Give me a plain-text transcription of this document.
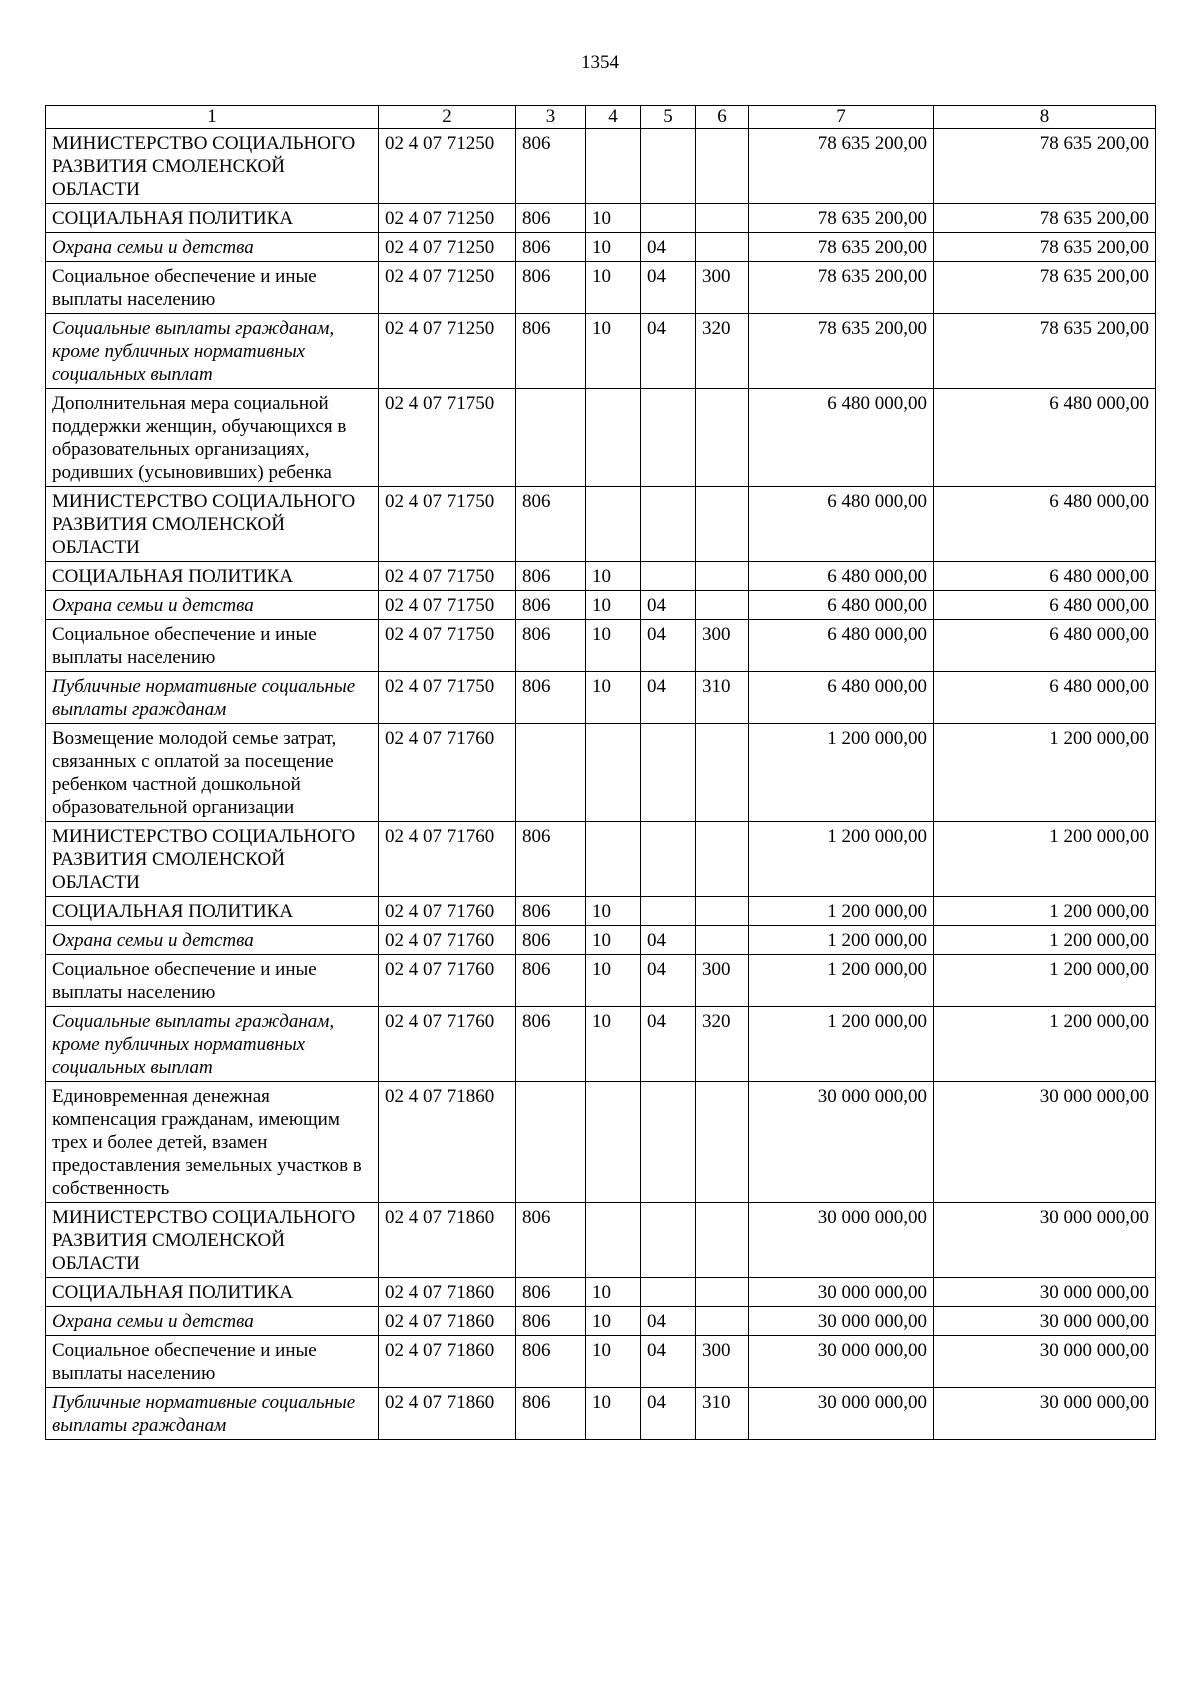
1354
1	2	3	4	5	6	7	8
МИНИСТЕРСТВО СОЦИАЛЬНОГО РАЗВИТИЯ СМОЛЕНСКОЙ ОБЛАСТИ	02 4 07 71250	806				78 635 200,00	78 635 200,00
СОЦИАЛЬНАЯ ПОЛИТИКА	02 4 07 71250	806	10			78 635 200,00	78 635 200,00
Охрана семьи и детства	02 4 07 71250	806	10	04		78 635 200,00	78 635 200,00
Социальное обеспечение и иные выплаты населению	02 4 07 71250	806	10	04	300	78 635 200,00	78 635 200,00
Социальные выплаты гражданам, кроме публичных нормативных социальных выплат	02 4 07 71250	806	10	04	320	78 635 200,00	78 635 200,00
Дополнительная мера социальной поддержки женщин, обучающихся в образовательных организациях, родивших (усыновивших) ребенка	02 4 07 71750					6 480 000,00	6 480 000,00
МИНИСТЕРСТВО СОЦИАЛЬНОГО РАЗВИТИЯ СМОЛЕНСКОЙ ОБЛАСТИ	02 4 07 71750	806				6 480 000,00	6 480 000,00
СОЦИАЛЬНАЯ ПОЛИТИКА	02 4 07 71750	806	10			6 480 000,00	6 480 000,00
Охрана семьи и детства	02 4 07 71750	806	10	04		6 480 000,00	6 480 000,00
Социальное обеспечение и иные выплаты населению	02 4 07 71750	806	10	04	300	6 480 000,00	6 480 000,00
Публичные нормативные социальные выплаты гражданам	02 4 07 71750	806	10	04	310	6 480 000,00	6 480 000,00
Возмещение молодой семье затрат, связанных с оплатой за посещение ребенком частной дошкольной образовательной организации	02 4 07 71760					1 200 000,00	1 200 000,00
МИНИСТЕРСТВО СОЦИАЛЬНОГО РАЗВИТИЯ СМОЛЕНСКОЙ ОБЛАСТИ	02 4 07 71760	806				1 200 000,00	1 200 000,00
СОЦИАЛЬНАЯ ПОЛИТИКА	02 4 07 71760	806	10			1 200 000,00	1 200 000,00
Охрана семьи и детства	02 4 07 71760	806	10	04		1 200 000,00	1 200 000,00
Социальное обеспечение и иные выплаты населению	02 4 07 71760	806	10	04	300	1 200 000,00	1 200 000,00
Социальные выплаты гражданам, кроме публичных нормативных социальных выплат	02 4 07 71760	806	10	04	320	1 200 000,00	1 200 000,00
Единовременная денежная компенсация гражданам, имеющим трех и более детей, взамен предоставления земельных участков в собственность	02 4 07 71860					30 000 000,00	30 000 000,00
МИНИСТЕРСТВО СОЦИАЛЬНОГО РАЗВИТИЯ СМОЛЕНСКОЙ ОБЛАСТИ	02 4 07 71860	806				30 000 000,00	30 000 000,00
СОЦИАЛЬНАЯ ПОЛИТИКА	02 4 07 71860	806	10			30 000 000,00	30 000 000,00
Охрана семьи и детства	02 4 07 71860	806	10	04		30 000 000,00	30 000 000,00
Социальное обеспечение и иные выплаты населению	02 4 07 71860	806	10	04	300	30 000 000,00	30 000 000,00
Публичные нормативные социальные выплаты гражданам	02 4 07 71860	806	10	04	310	30 000 000,00	30 000 000,00
